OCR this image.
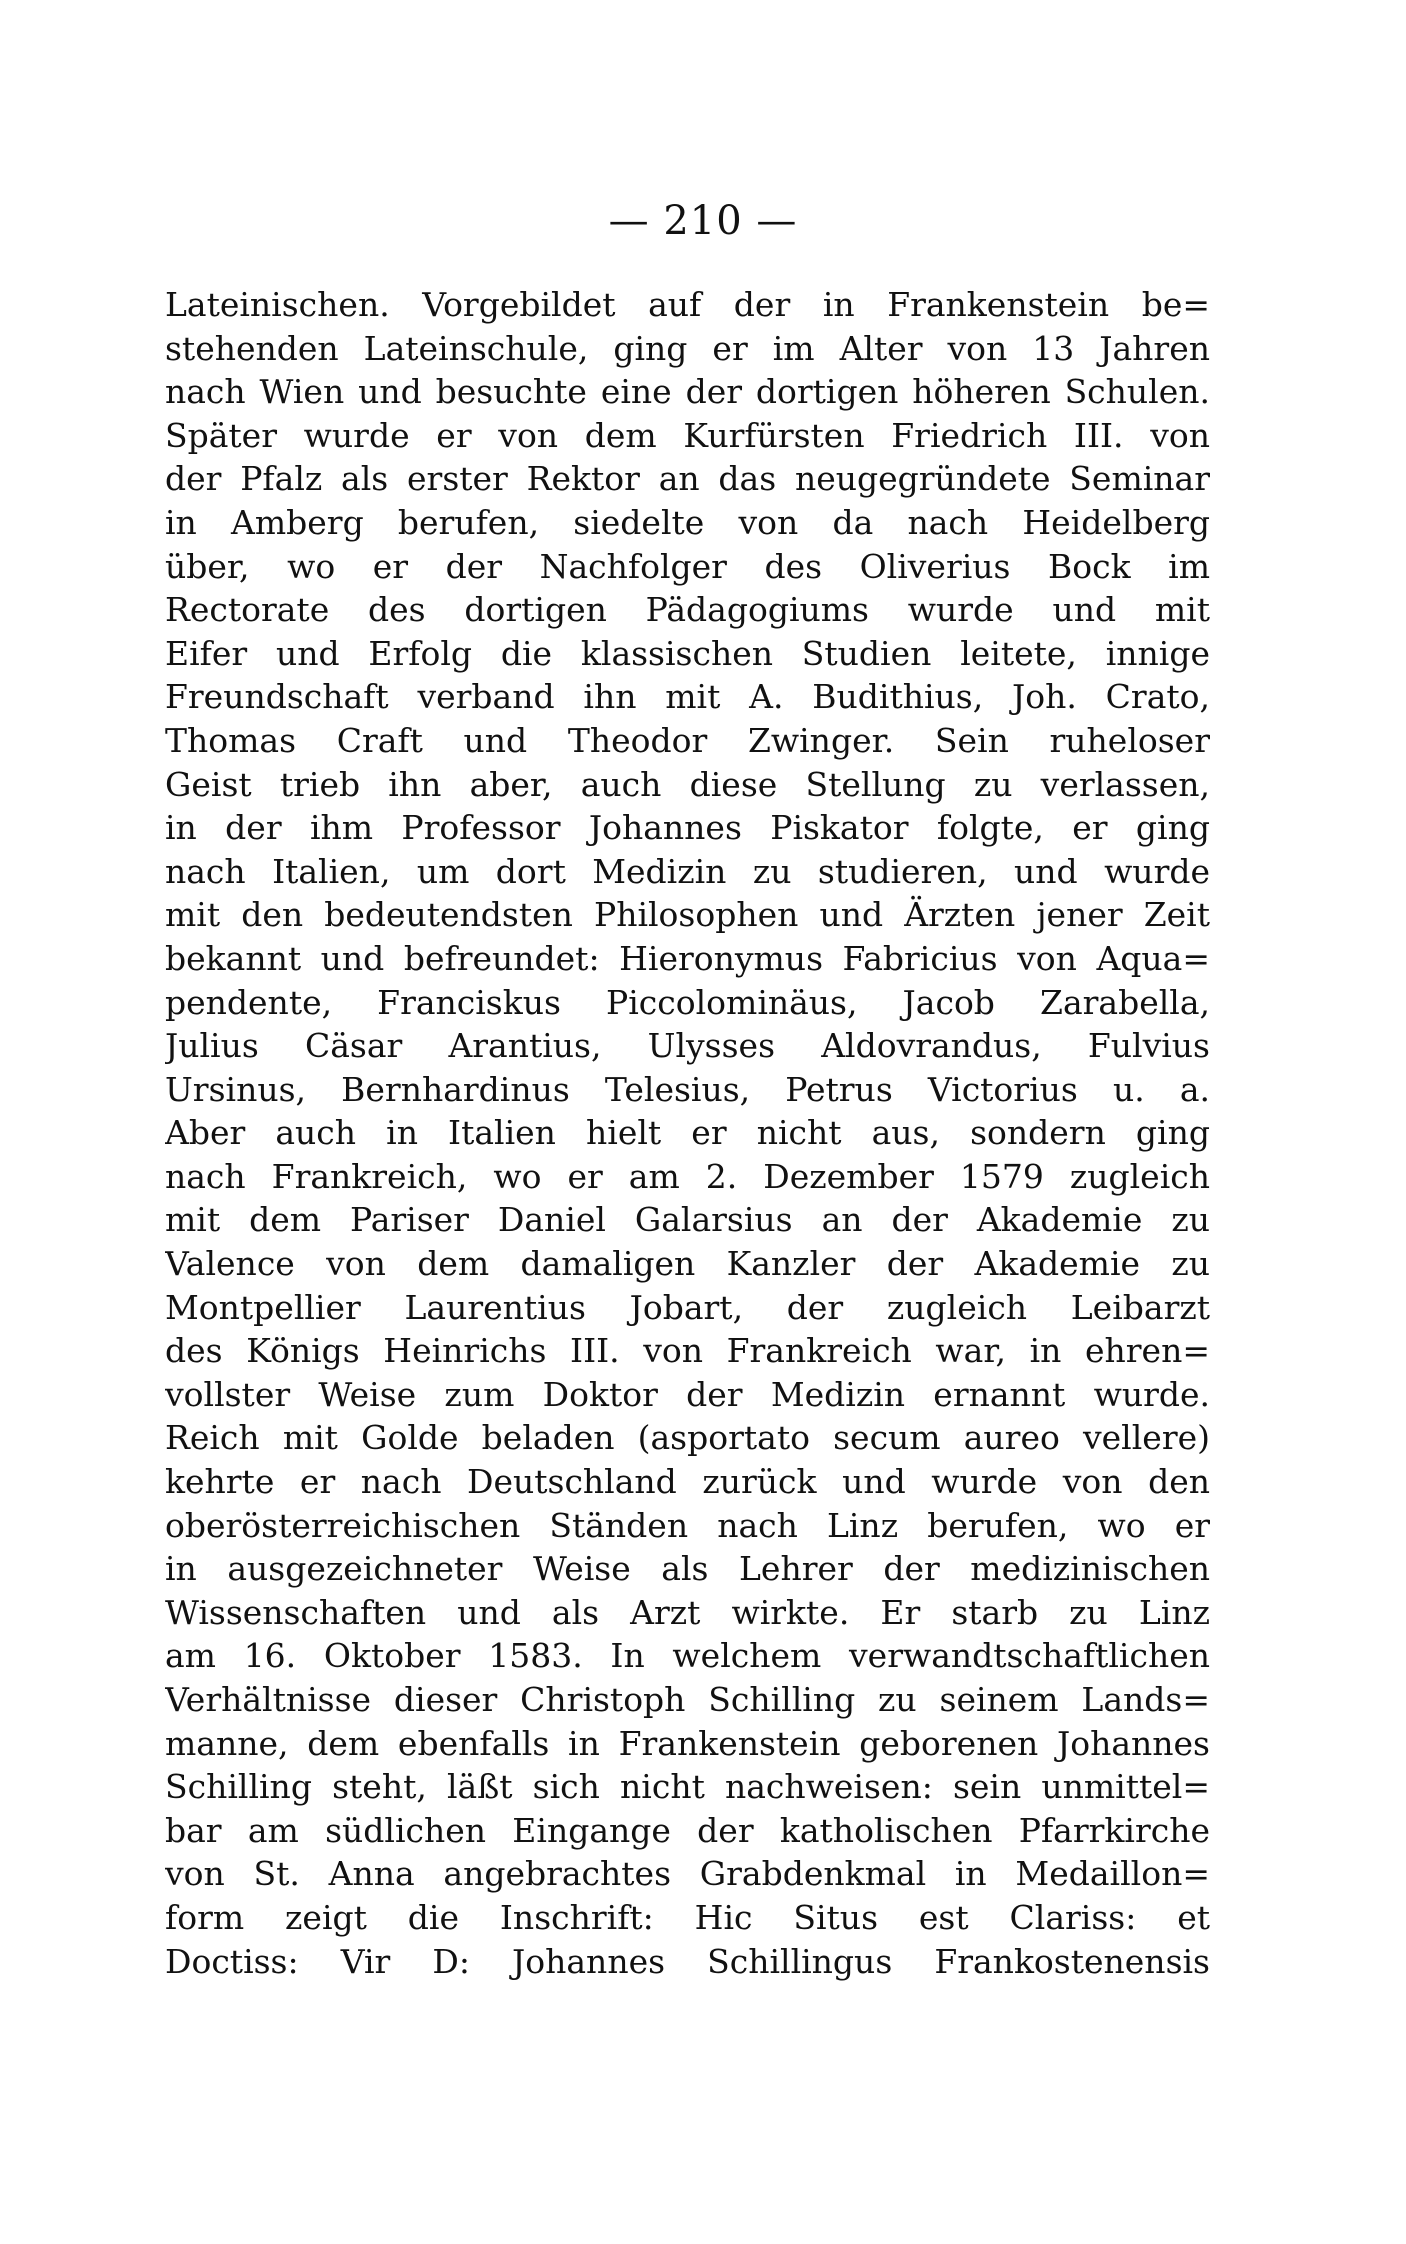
— 210 —
Lateinischen. Vorgebildet auf der in Frankenstein be=
stehenden Lateinschule, ging er im Alter von 13 Jahren
nach Wien und besuchte eine der dortigen höheren Schulen.
Später wurde er von dem Kurfürsten Friedrich III. von
der Pfalz als erster Rektor an das neugegründete Seminar
in Amberg berufen, siedelte von da nach Heidelberg
über, wo er der Nachfolger des Oliverius Bock im
Rectorate des dortigen Pädagogiums wurde und mit
Eifer und Erfolg die klassischen Studien leitete, innige
Freundschaft verband ihn mit A. Budithius, Joh. Crato,
Thomas Craft und Theodor Zwinger. Sein ruheloser
Geist trieb ihn aber, auch diese Stellung zu verlassen,
in der ihm Professor Johannes Piskator folgte, er ging
nach Italien, um dort Medizin zu studieren, und wurde
mit den bedeutendsten Philosophen und Ärzten jener Zeit
bekannt und befreundet: Hieronymus Fabricius von Aqua=
pendente, Franciskus Piccolominäus, Jacob Zarabella,
Julius Cäsar Arantius, Ulysses Aldovrandus, Fulvius
Ursinus, Bernhardinus Telesius, Petrus Victorius u. a.
Aber auch in Italien hielt er nicht aus, sondern ging
nach Frankreich, wo er am 2. Dezember 1579 zugleich
mit dem Pariser Daniel Galarsius an der Akademie zu
Valence von dem damaligen Kanzler der Akademie zu
Montpellier Laurentius Jobart, der zugleich Leibarzt
des Königs Heinrichs III. von Frankreich war, in ehren=
vollster Weise zum Doktor der Medizin ernannt wurde.
Reich mit Golde beladen (asportato secum aureo vellere)
kehrte er nach Deutschland zurück und wurde von den
oberösterreichischen Ständen nach Linz berufen, wo er
in ausgezeichneter Weise als Lehrer der medizinischen
Wissenschaften und als Arzt wirkte. Er starb zu Linz
am 16. Oktober 1583. In welchem verwandtschaftlichen
Verhältnisse dieser Christoph Schilling zu seinem Lands=
manne, dem ebenfalls in Frankenstein geborenen Johannes
Schilling steht, läßt sich nicht nachweisen: sein unmittel=
bar am südlichen Eingange der katholischen Pfarrkirche
von St. Anna angebrachtes Grabdenkmal in Medaillon=
form zeigt die Inschrift: Hic Situs est Clariss: et
Doctiss: Vir D: Johannes Schillingus Frankostenensis
